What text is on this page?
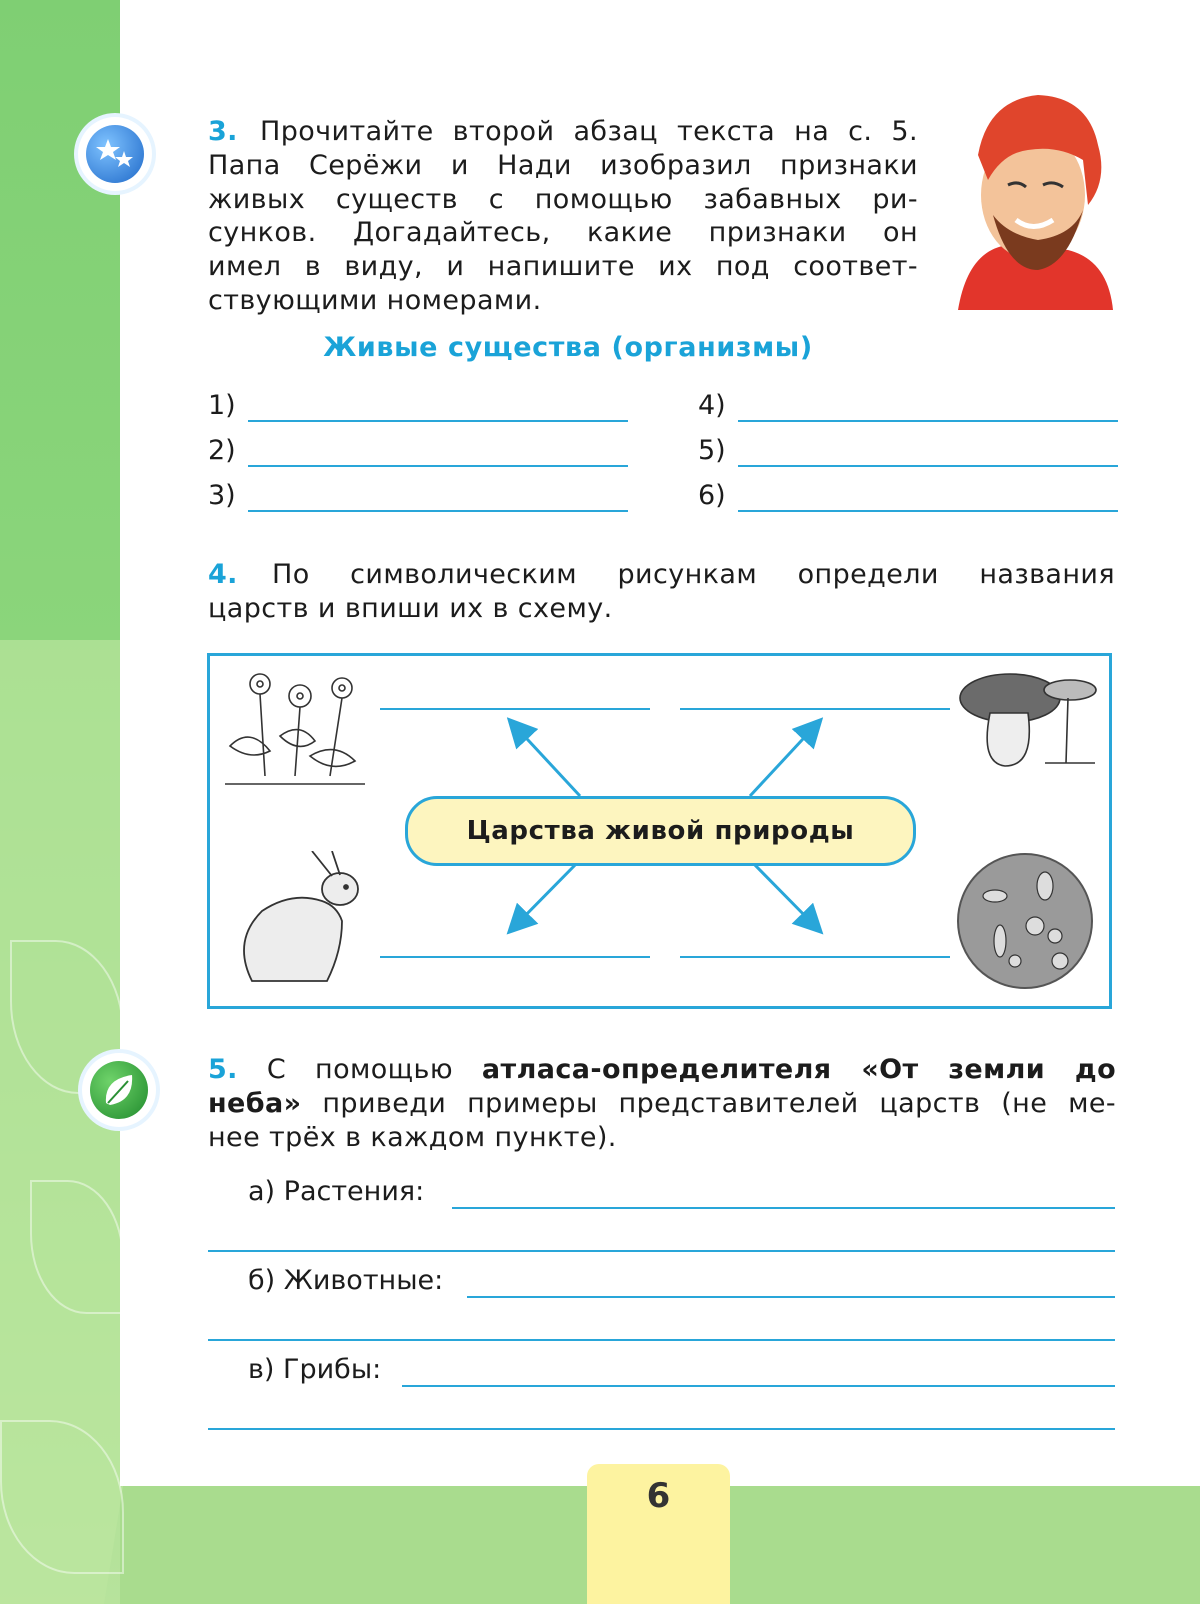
3. Прочитайте второй абзац текста на с. 5.
Папа Серёжи и Нади изобразил признаки
живых существ с помощью забавных ри-
сунков. Догадайтесь, какие признаки он
имел в виду, и напишите их под соответ-
ствующими номерами.
Живые существа (организмы)
1)
2)
3)
4)
5)
6)
4. По символическим рисункам определи названия
царств и впиши их в схему.
Царства живой природы
5. С помощью атласа-определителя «От земли до
неба» приведи примеры представителей царств (не ме-
нее трёх в каждом пункте).
а) Растения:
б) Животные:
в) Грибы:
6
